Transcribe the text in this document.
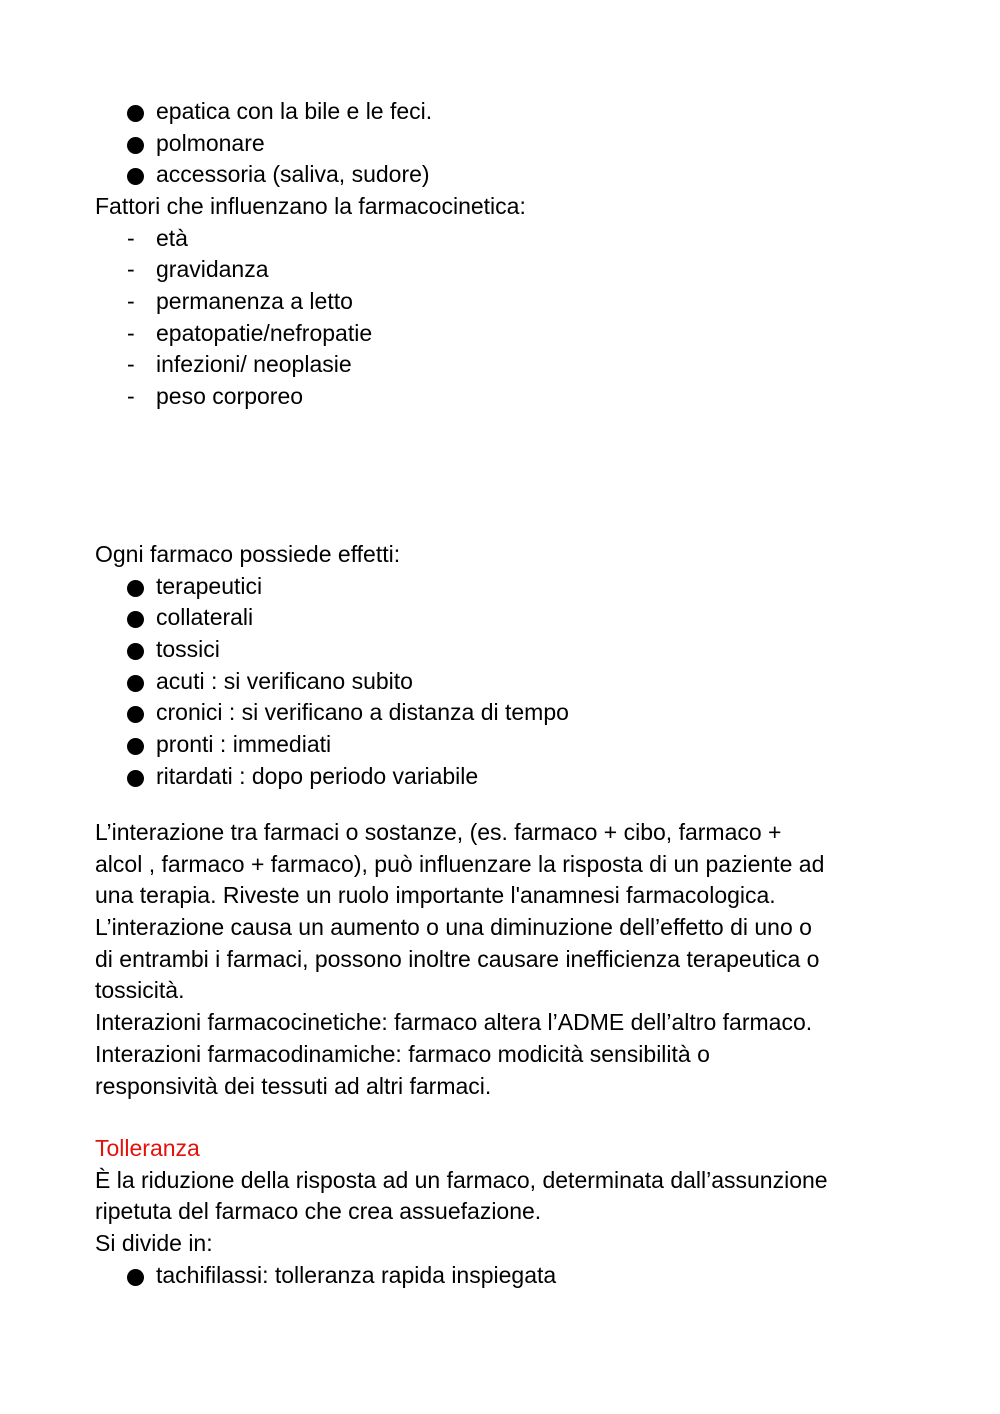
epatica con la bile e le feci.
polmonare
accessoria (saliva, sudore)
Fattori che influenzano la farmacocinetica:
- età
- gravidanza
- permanenza a letto
- epatopatie/nefropatie
- infezioni/ neoplasie
- peso corporeo
Ogni farmaco possiede effetti:
terapeutici
collaterali
tossici
acuti : si verificano subito
cronici : si verificano a distanza di tempo
pronti : immediati
ritardati : dopo periodo variabile
L’interazione tra farmaci o sostanze, (es. farmaco + cibo, farmaco +
alcol , farmaco + farmaco), può influenzare la risposta di un paziente ad
una terapia. Riveste un ruolo importante l'anamnesi farmacologica.
L’interazione causa un aumento o una diminuzione dell’effetto di uno o
di entrambi i farmaci, possono inoltre causare inefficienza terapeutica o
tossicità.
Interazioni farmacocinetiche: farmaco altera l’ADME dell’altro farmaco.
Interazioni farmacodinamiche: farmaco modicità sensibilità o
responsività dei tessuti ad altri farmaci.
Tolleranza
È la riduzione della risposta ad un farmaco, determinata dall’assunzione
ripetuta del farmaco che crea assuefazione.
Si divide in:
tachifilassi: tolleranza rapida inspiegata
